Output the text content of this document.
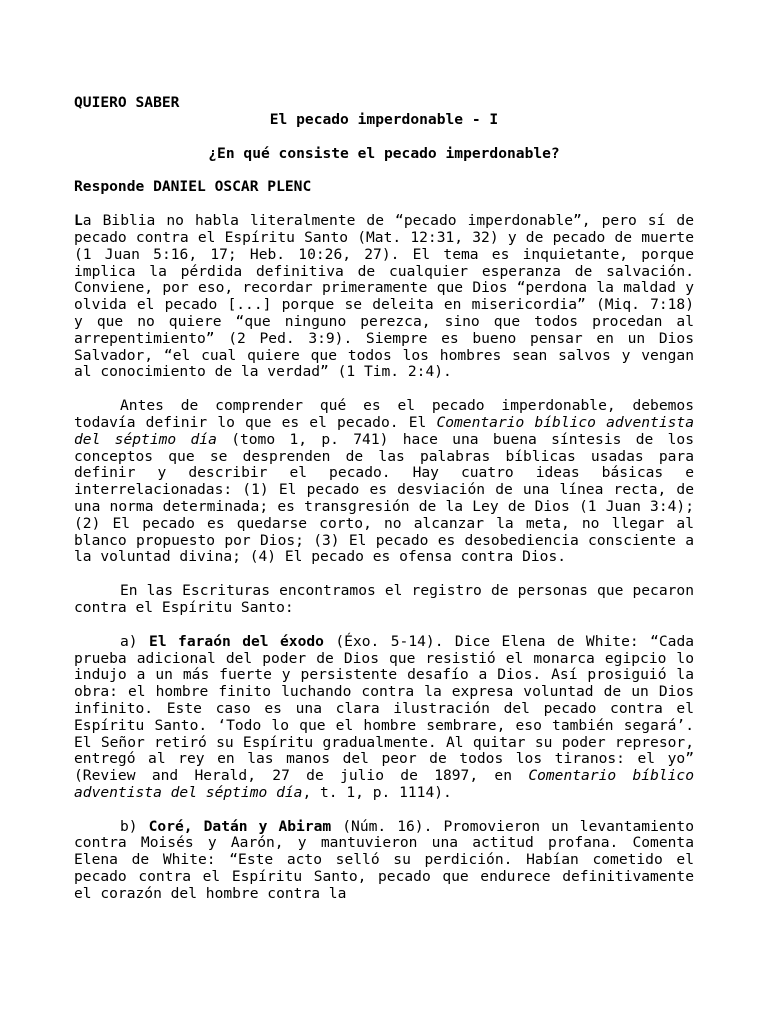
QUIERO SABER

El pecado imperdonable - I

¿En qué consiste el pecado imperdonable?

Responde DANIEL OSCAR PLENC

La Biblia no habla literalmente de “pecado imperdonable”, pero sí de pecado contra el Espíritu Santo (Mat. 12:31, 32) y de pecado de muerte (1 Juan 5:16, 17; Heb. 10:26, 27). El tema es inquietante, porque implica la pérdida definitiva de cualquier esperanza de salvación. Conviene, por eso, recordar primeramente que Dios “perdona la maldad y olvida el pecado [...] porque se deleita en misericordia” (Miq. 7:18) y que no quiere “que ninguno perezca, sino que todos procedan al arrepentimiento” (2 Ped. 3:9). Siempre es bueno pensar en un Dios Salvador, “el cual quiere que todos los hombres sean salvos y vengan al conocimiento de la verdad” (1 Tim. 2:4).

Antes de comprender qué es el pecado imperdonable, debemos todavía definir lo que es el pecado. El Comentario bíblico adventista del séptimo día (tomo 1, p. 741) hace una buena síntesis de los conceptos que se desprenden de las palabras bíblicas usadas para definir y describir el pecado. Hay cuatro ideas básicas e interrelacionadas: (1) El pecado es desviación de una línea recta, de una norma determinada; es transgresión de la Ley de Dios (1 Juan 3:4); (2) El pecado es quedarse corto, no alcanzar la meta, no llegar al blanco propuesto por Dios; (3) El pecado es desobediencia consciente a la voluntad divina; (4) El pecado es ofensa contra Dios.

En las Escrituras encontramos el registro de personas que pecaron contra el Espíritu Santo:

a) El faraón del éxodo (Éxo. 5-14). Dice Elena de White: “Cada prueba adicional del poder de Dios que resistió el monarca egipcio lo indujo a un más fuerte y persistente desafío a Dios. Así prosiguió la obra: el hombre finito luchando contra la expresa voluntad de un Dios infinito. Este caso es una clara ilustración del pecado contra el Espíritu Santo. ‘Todo lo que el hombre sembrare, eso también segará’. El Señor retiró su Espíritu gradualmente. Al quitar su poder represor, entregó al rey en las manos del peor de todos los tiranos: el yo” (Review and Herald, 27 de julio de 1897, en Comentario bíblico adventista del séptimo día, t. 1, p. 1114).

b) Coré, Datán y Abiram (Núm. 16). Promovieron un levantamiento contra Moisés y Aarón, y mantuvieron una actitud profana. Comenta Elena de White: “Este acto selló su perdición. Habían cometido el pecado contra el Espíritu Santo, pecado que endurece definitivamente el corazón del hombre contra la
